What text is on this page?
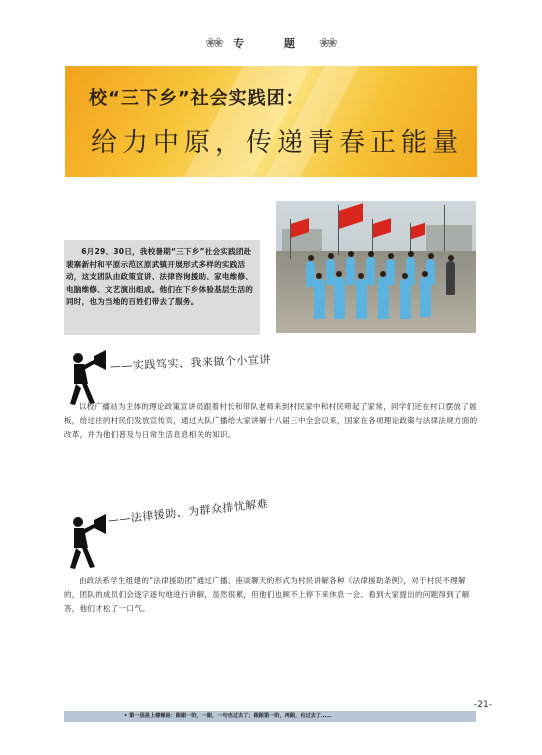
❀❀ 专 题 ❀❀
校“三下乡”社会实践团：
给力中原，传递青春正能量

6月29、30日，我校暑期“三下乡”社会实践团赴裴寨新村和平原示范区原武镇开展形式多样的实践活动，这支团队由政策宣讲、法律咨询援助、家电维修、电脑维修、文艺演出组成。他们在下乡体验基层生活的同时，也为当地的百姓们带去了服务。

——实践笃实、我来做个小宣讲

以校广播站为主体的理论政策宣讲员跟着村长和带队老师来到村民家中和村民唠起了家常，同学们还在村口摆放了展板，给过往的村民们发放宣传页，通过大队广播给大家讲解十八届三中全会以来，国家在各项理论政策与法律法规方面的改革，并为他们普及与日常生活息息相关的知识。

——法律援助、为群众排忧解难

由政法系学生组建的“法律援助团”通过广播、座谈聊天的形式为村民讲解各种《法律援助条例》，对于村民不理解的，团队的成员们会逐字逐句地进行讲解，虽然很累，但他们也顾不上停下来休息一会。看到大家提出的问题得到了解答，他们才松了一口气。

-21-
• 第一层是上楼梯是：跟跟一阶，一跟，一句也过去了；跟跟第一阶，再跟，也过去了……
